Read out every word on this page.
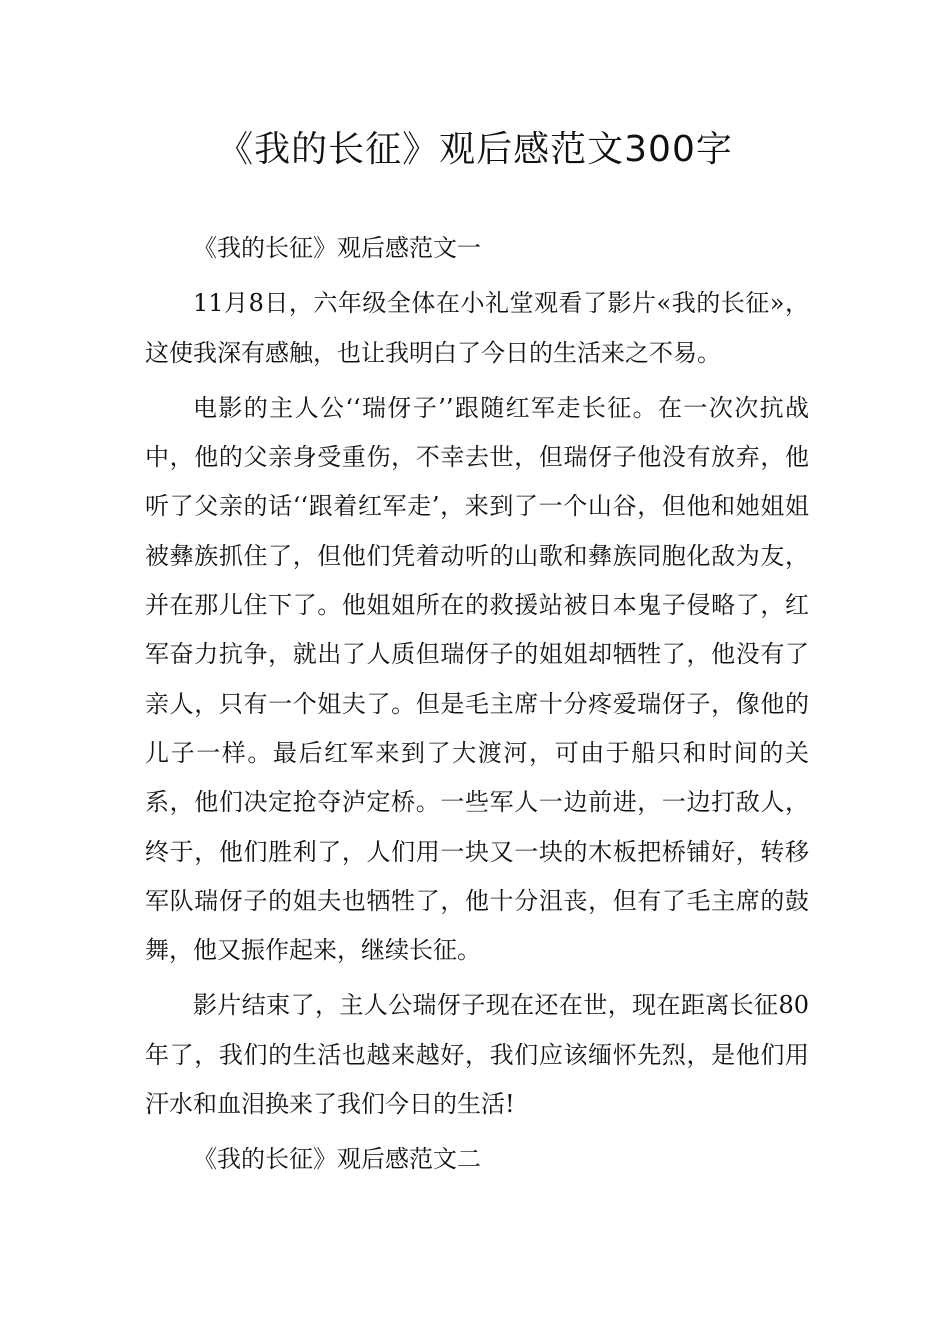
《我的长征》观后感范文300字

《我的长征》观后感范文一

11月8日，六年级全体在小礼堂观看了影片«我的长征»，这使我深有感触，也让我明白了今日的生活来之不易。

电影的主人公‘‘瑞伢子’’跟随红军走长征。在一次次抗战中，他的父亲身受重伤，不幸去世，但瑞伢子他没有放弃，他听了父亲的话‘‘跟着红军走’，来到了一个山谷，但他和她姐姐被彝族抓住了，但他们凭着动听的山歌和彝族同胞化敌为友，并在那儿住下了。他姐姐所在的救援站被日本鬼子侵略了，红军奋力抗争，就出了人质但瑞伢子的姐姐却牺牲了，他没有了亲人，只有一个姐夫了。但是毛主席十分疼爱瑞伢子，像他的儿子一样。最后红军来到了大渡河，可由于船只和时间的关系，他们决定抢夺泸定桥。一些军人一边前进，一边打敌人，终于，他们胜利了，人们用一块又一块的木板把桥铺好，转移军队瑞伢子的姐夫也牺牲了，他十分沮丧，但有了毛主席的鼓舞，他又振作起来，继续长征。

影片结束了，主人公瑞伢子现在还在世，现在距离长征80年了，我们的生活也越来越好，我们应该缅怀先烈，是他们用汗水和血泪换来了我们今日的生活!

《我的长征》观后感范文二
